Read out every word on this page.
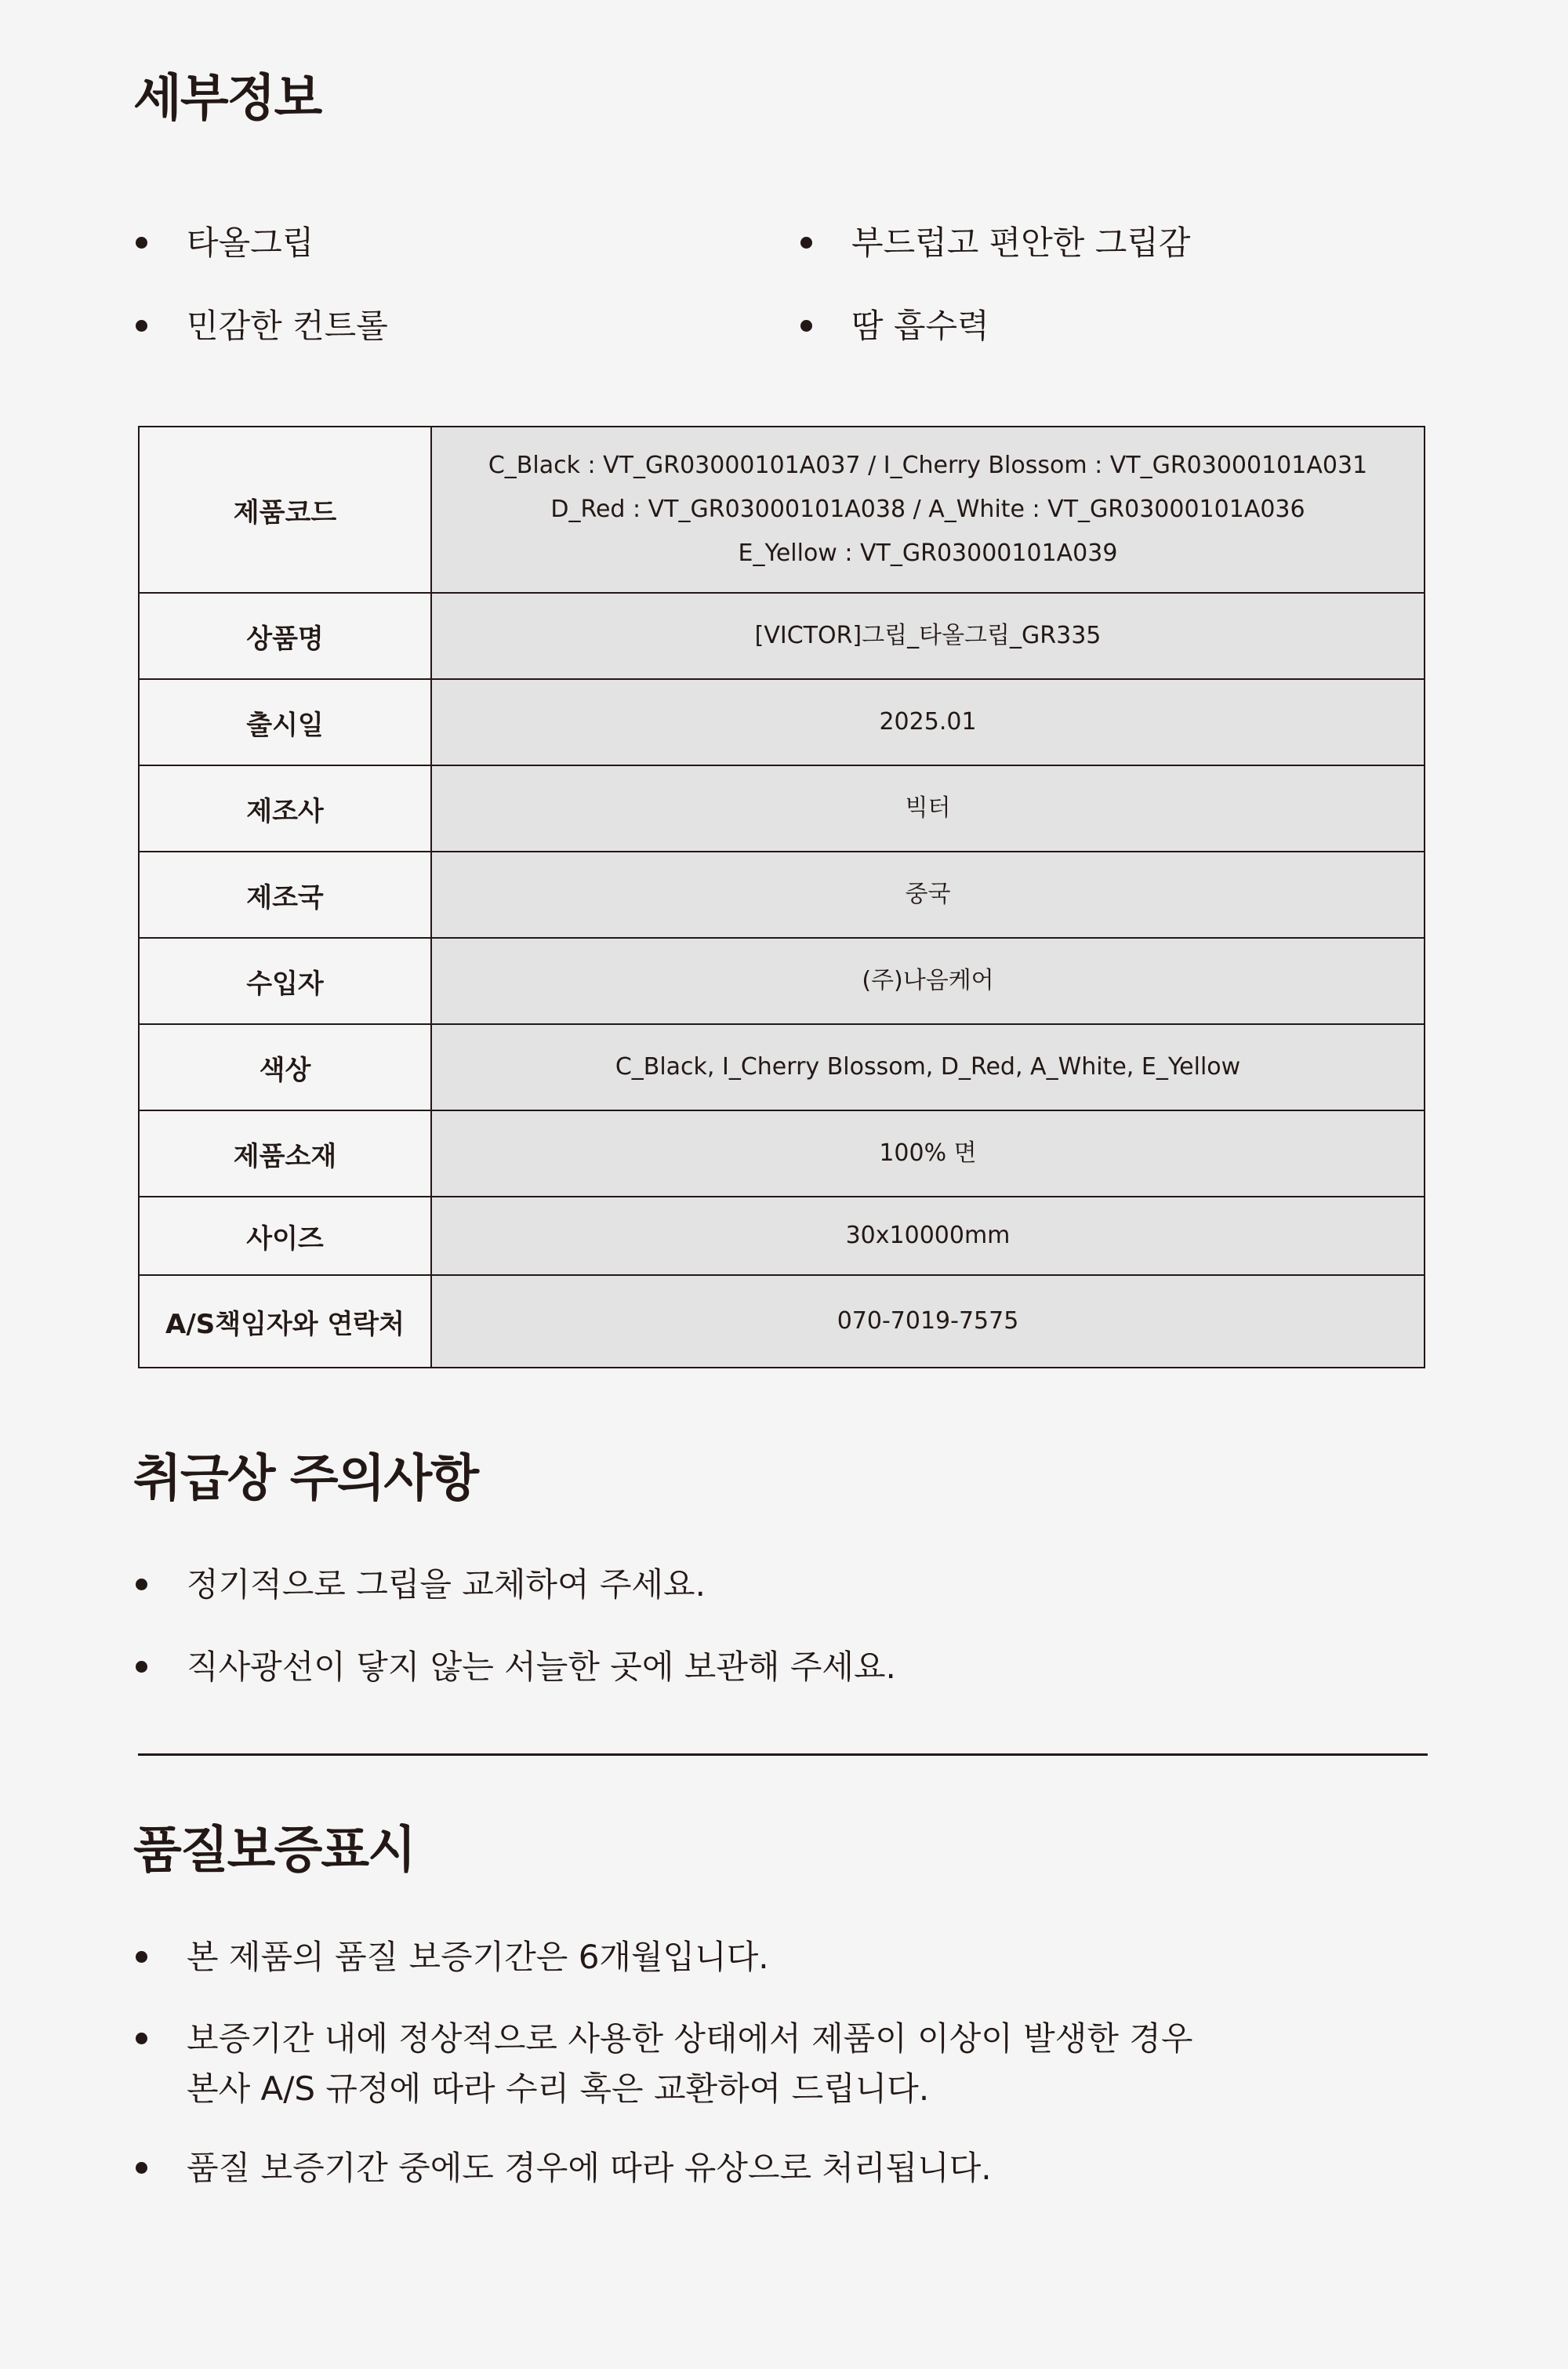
세부정보
타올그립	부드럽고 편안한 그립감
민감한 컨트롤	땀 흡수력
제품코드	C_Black : VT_GR03000101A037 / I_Cherry Blossom : VT_GR03000101A031
D_Red : VT_GR03000101A038 / A_White : VT_GR03000101A036
E_Yellow : VT_GR03000101A039

상품명	[VICTOR]그립_타올그립_GR335

출시일	2025.01

제조사	빅터

제조국	중국

수입자	(주)나음케어

색상	C_Black, I_Cherry Blossom, D_Red, A_White, E_Yellow

제품소재	100% 면

사이즈	30x10000mm

A/S책임자와 연락처	070-7019-7575
취급상 주의사항
정기적으로 그립을 교체하여 주세요.
직사광선이 닿지 않는 서늘한 곳에 보관해 주세요.
품질보증표시
본 제품의 품질 보증기간은 6개월입니다.
보증기간 내에 정상적으로 사용한 상태에서 제품이 이상이 발생한 경우
본사 A/S 규정에 따라 수리 혹은 교환하여 드립니다.
품질 보증기간 중에도 경우에 따라 유상으로 처리됩니다.
